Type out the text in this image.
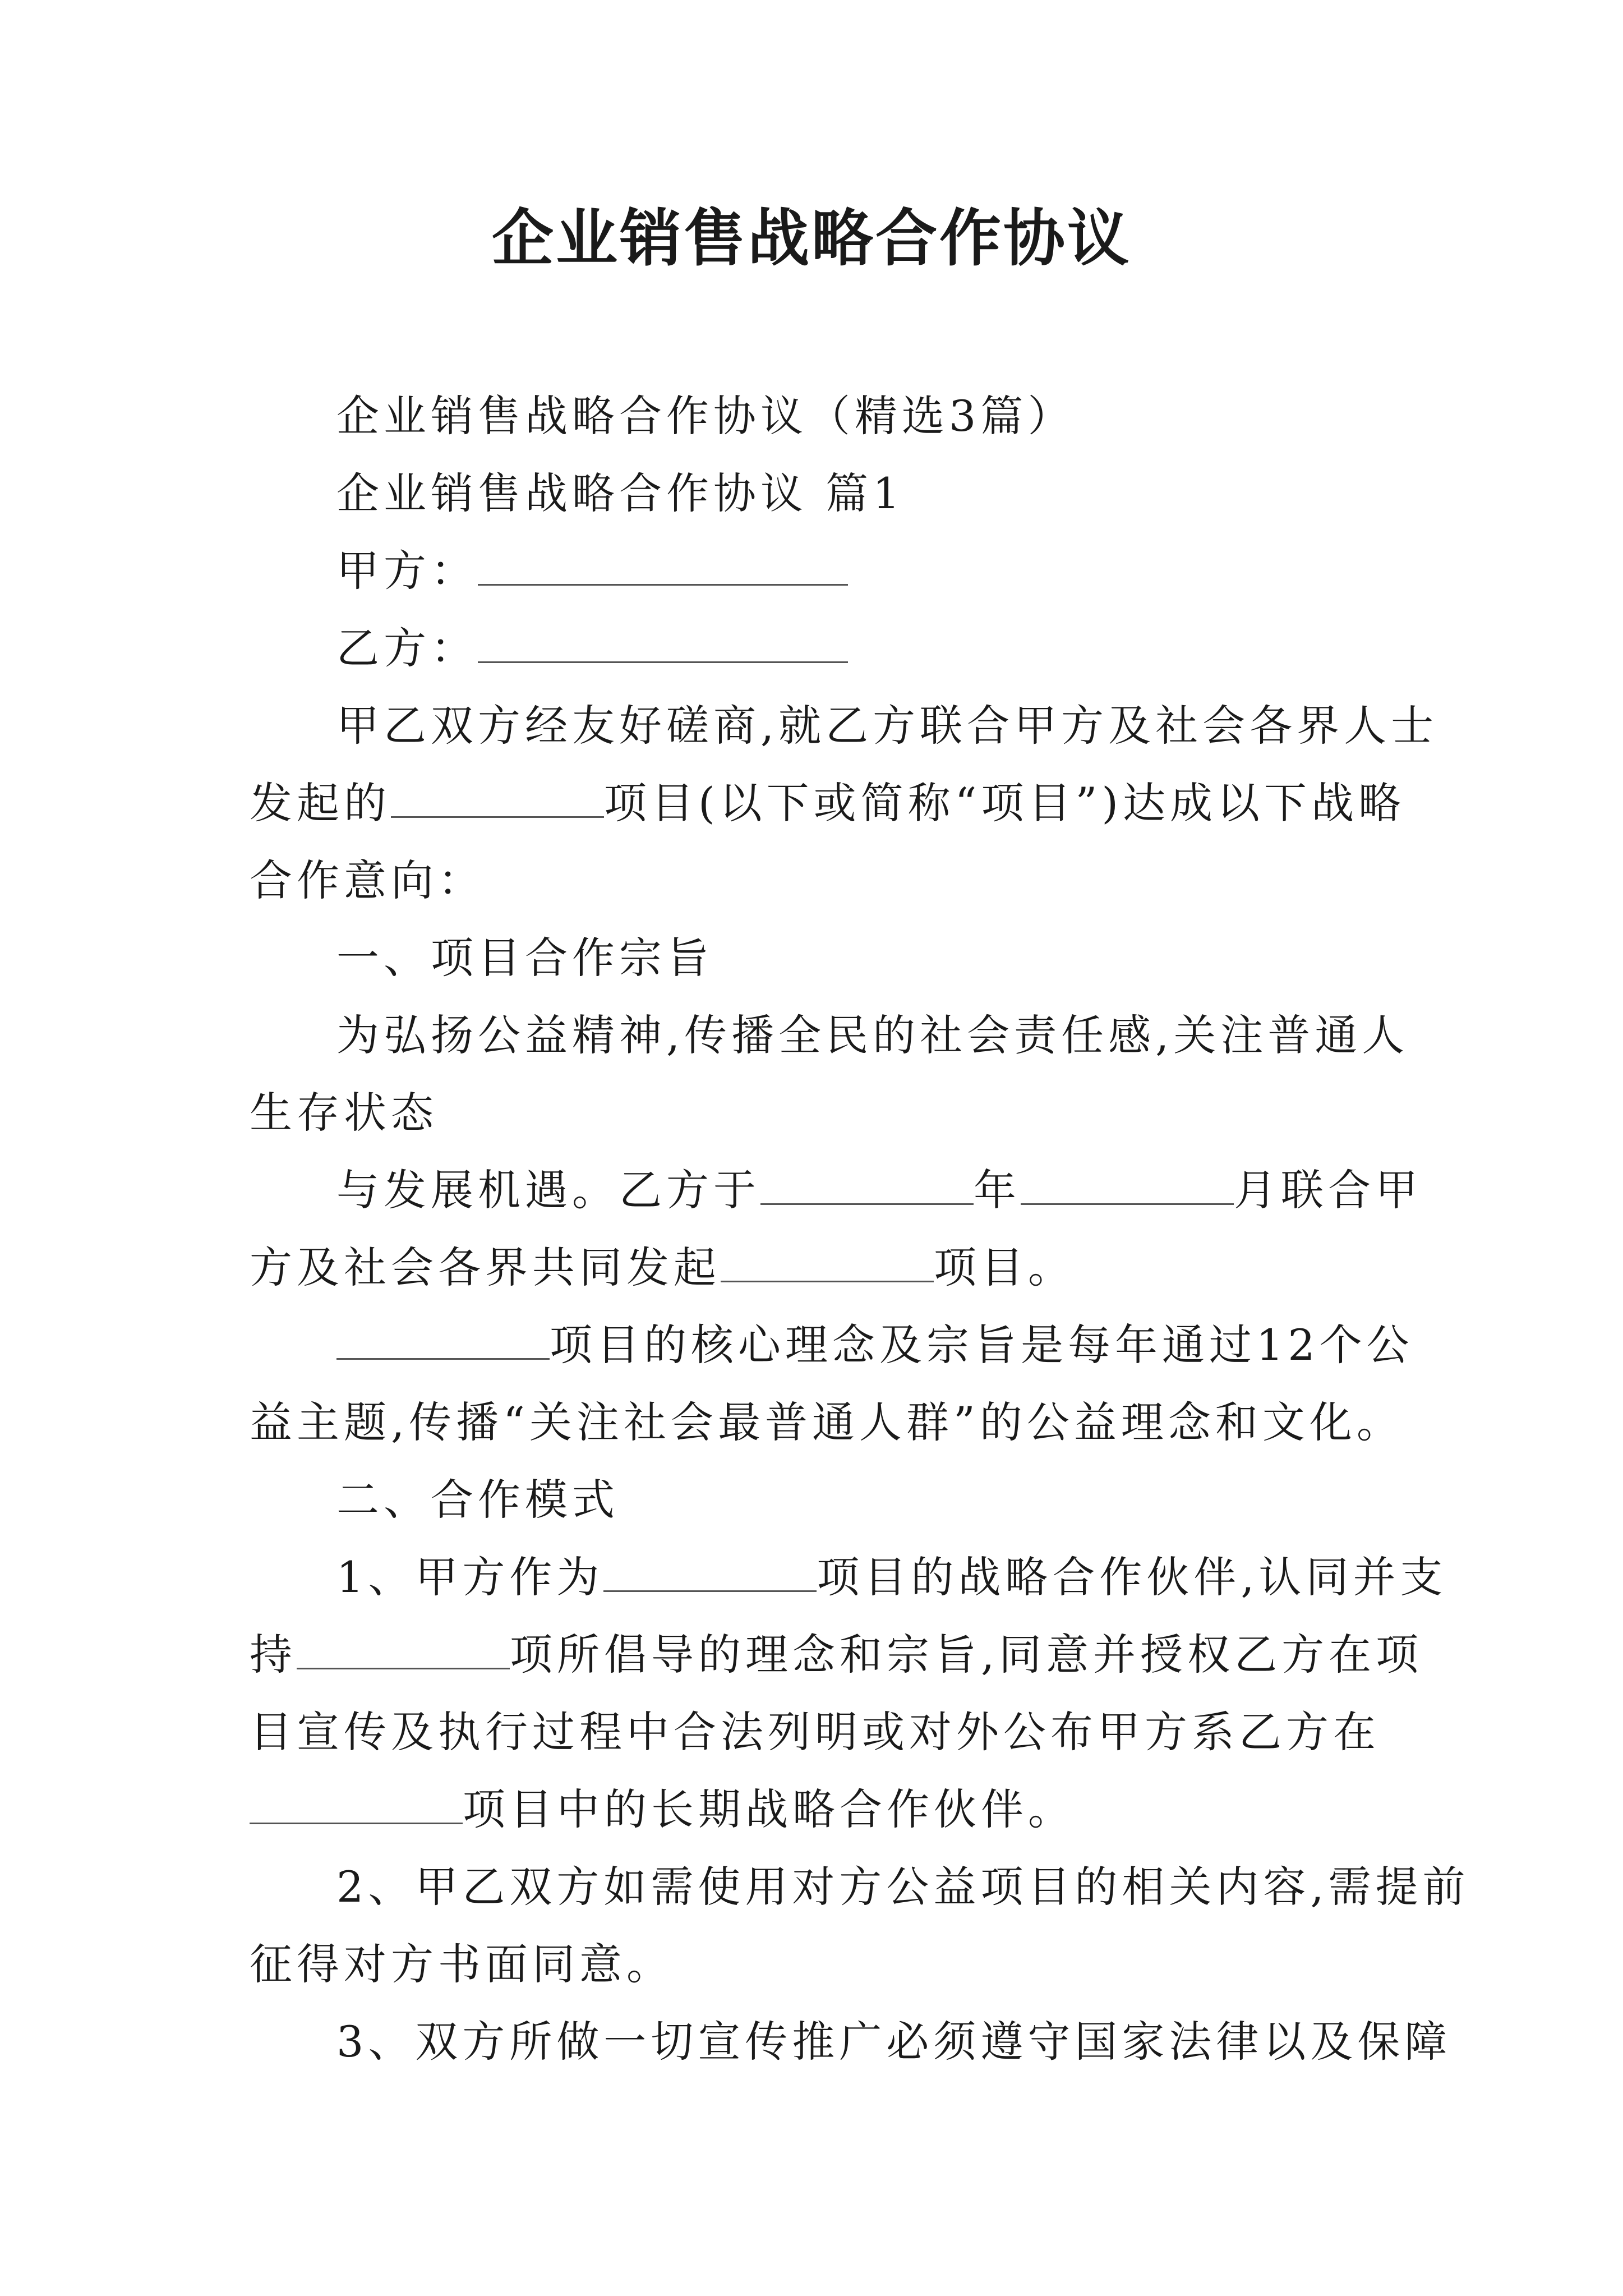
企业销售战略合作协议
企业销售战略合作协议（精选3篇）
企业销售战略合作协议 篇1
甲方：
乙方：
甲乙双方经友好磋商,就乙方联合甲方及社会各界人士
发起的	项目(以下或简称“项目”)达成以下战略
合作意向：
一、项目合作宗旨
为弘扬公益精神,传播全民的社会责任感,关注普通人
生存状态
与发展机遇。乙方于	年	月联合甲
方及社会各界共同发起	项目。
项目的核心理念及宗旨是每年通过12个公
益主题,传播“关注社会最普通人群”的公益理念和文化。
二、合作模式
1、甲方作为	项目的战略合作伙伴,认同并支
持	项所倡导的理念和宗旨,同意并授权乙方在项
目宣传及执行过程中合法列明或对外公布甲方系乙方在
项目中的长期战略合作伙伴。
2、甲乙双方如需使用对方公益项目的相关内容,需提前
征得对方书面同意。
3、双方所做一切宣传推广必须遵守国家法律以及保障
